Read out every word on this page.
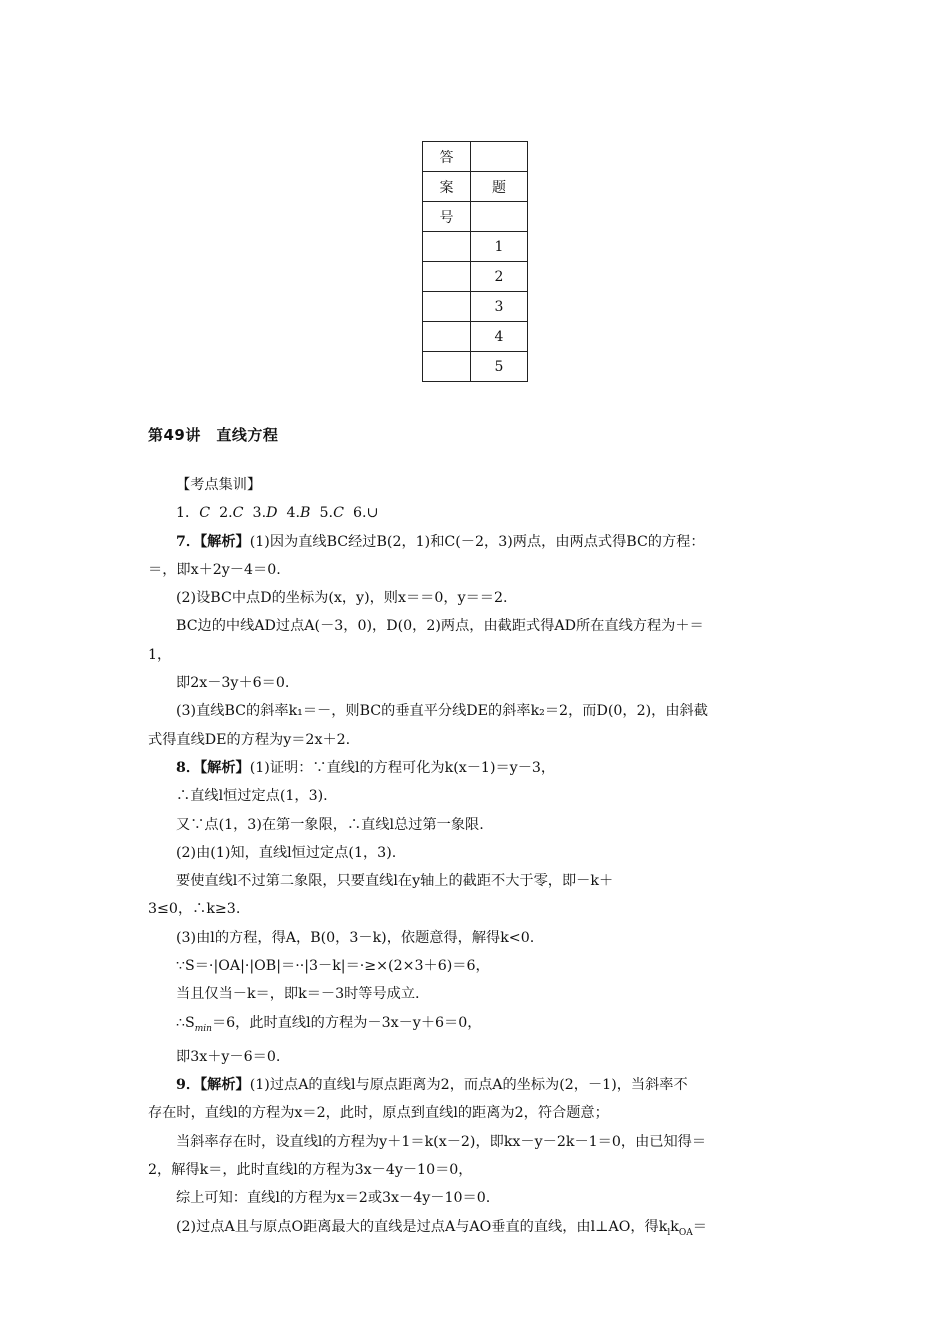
答	
案	题
号	
	1
	2
	3
	4
	5
第49讲　直线方程

【考点集训】

1．C 2.C 3.D 4.B 5.C 6.∪

7．【解析】(1)因为直线BC经过B(2，1)和C(－2，3)两点，由两点式得BC的方程：

＝，即x＋2y－4＝0.

(2)设BC中点D的坐标为(x，y)，则x＝＝0，y＝＝2.

BC边的中线AD过点A(－3，0)，D(0，2)两点，由截距式得AD所在直线方程为＋＝

1，

即2x－3y＋6＝0.

(3)直线BC的斜率k₁＝－，则BC的垂直平分线DE的斜率k₂＝2，而D(0，2)，由斜截

式得直线DE的方程为y＝2x＋2.

8．【解析】(1)证明：∵直线l的方程可化为k(x－1)＝y－3，

∴直线l恒过定点(1，3).

又∵点(1，3)在第一象限，∴直线l总过第一象限.

(2)由(1)知，直线l恒过定点(1，3).

要使直线l不过第二象限，只要直线l在y轴上的截距不大于零，即－k＋

3≤0，∴k≥3.

(3)由l的方程，得A，B(0，3－k)，依题意得，解得k<0.

∵S＝·|OA|·|OB|＝··|3－k|＝·≥×(2×3＋6)＝6，

当且仅当－k＝，即k＝－3时等号成立.

$\therefore S_{min}=6$，此时直线l的方程为－3x－y＋6＝0，

即3x＋y－6＝0.

9．【解析】(1)过点A的直线l与原点距离为2，而点A的坐标为(2，－1)，当斜率不

存在时，直线l的方程为x＝2，此时，原点到直线l的距离为2，符合题意；

当斜率存在时，设直线l的方程为y＋1＝k(x－2)，即kx－y－2k－1＝0，由已知得＝

2，解得k＝，此时直线l的方程为3x－4y－10＝0，

综上可知：直线l的方程为x＝2或3x－4y－10＝0.

(2)过点A且与原点O距离最大的直线是过点A与AO垂直的直线，由l⊥AO，得$k_lk_{OA}=$
